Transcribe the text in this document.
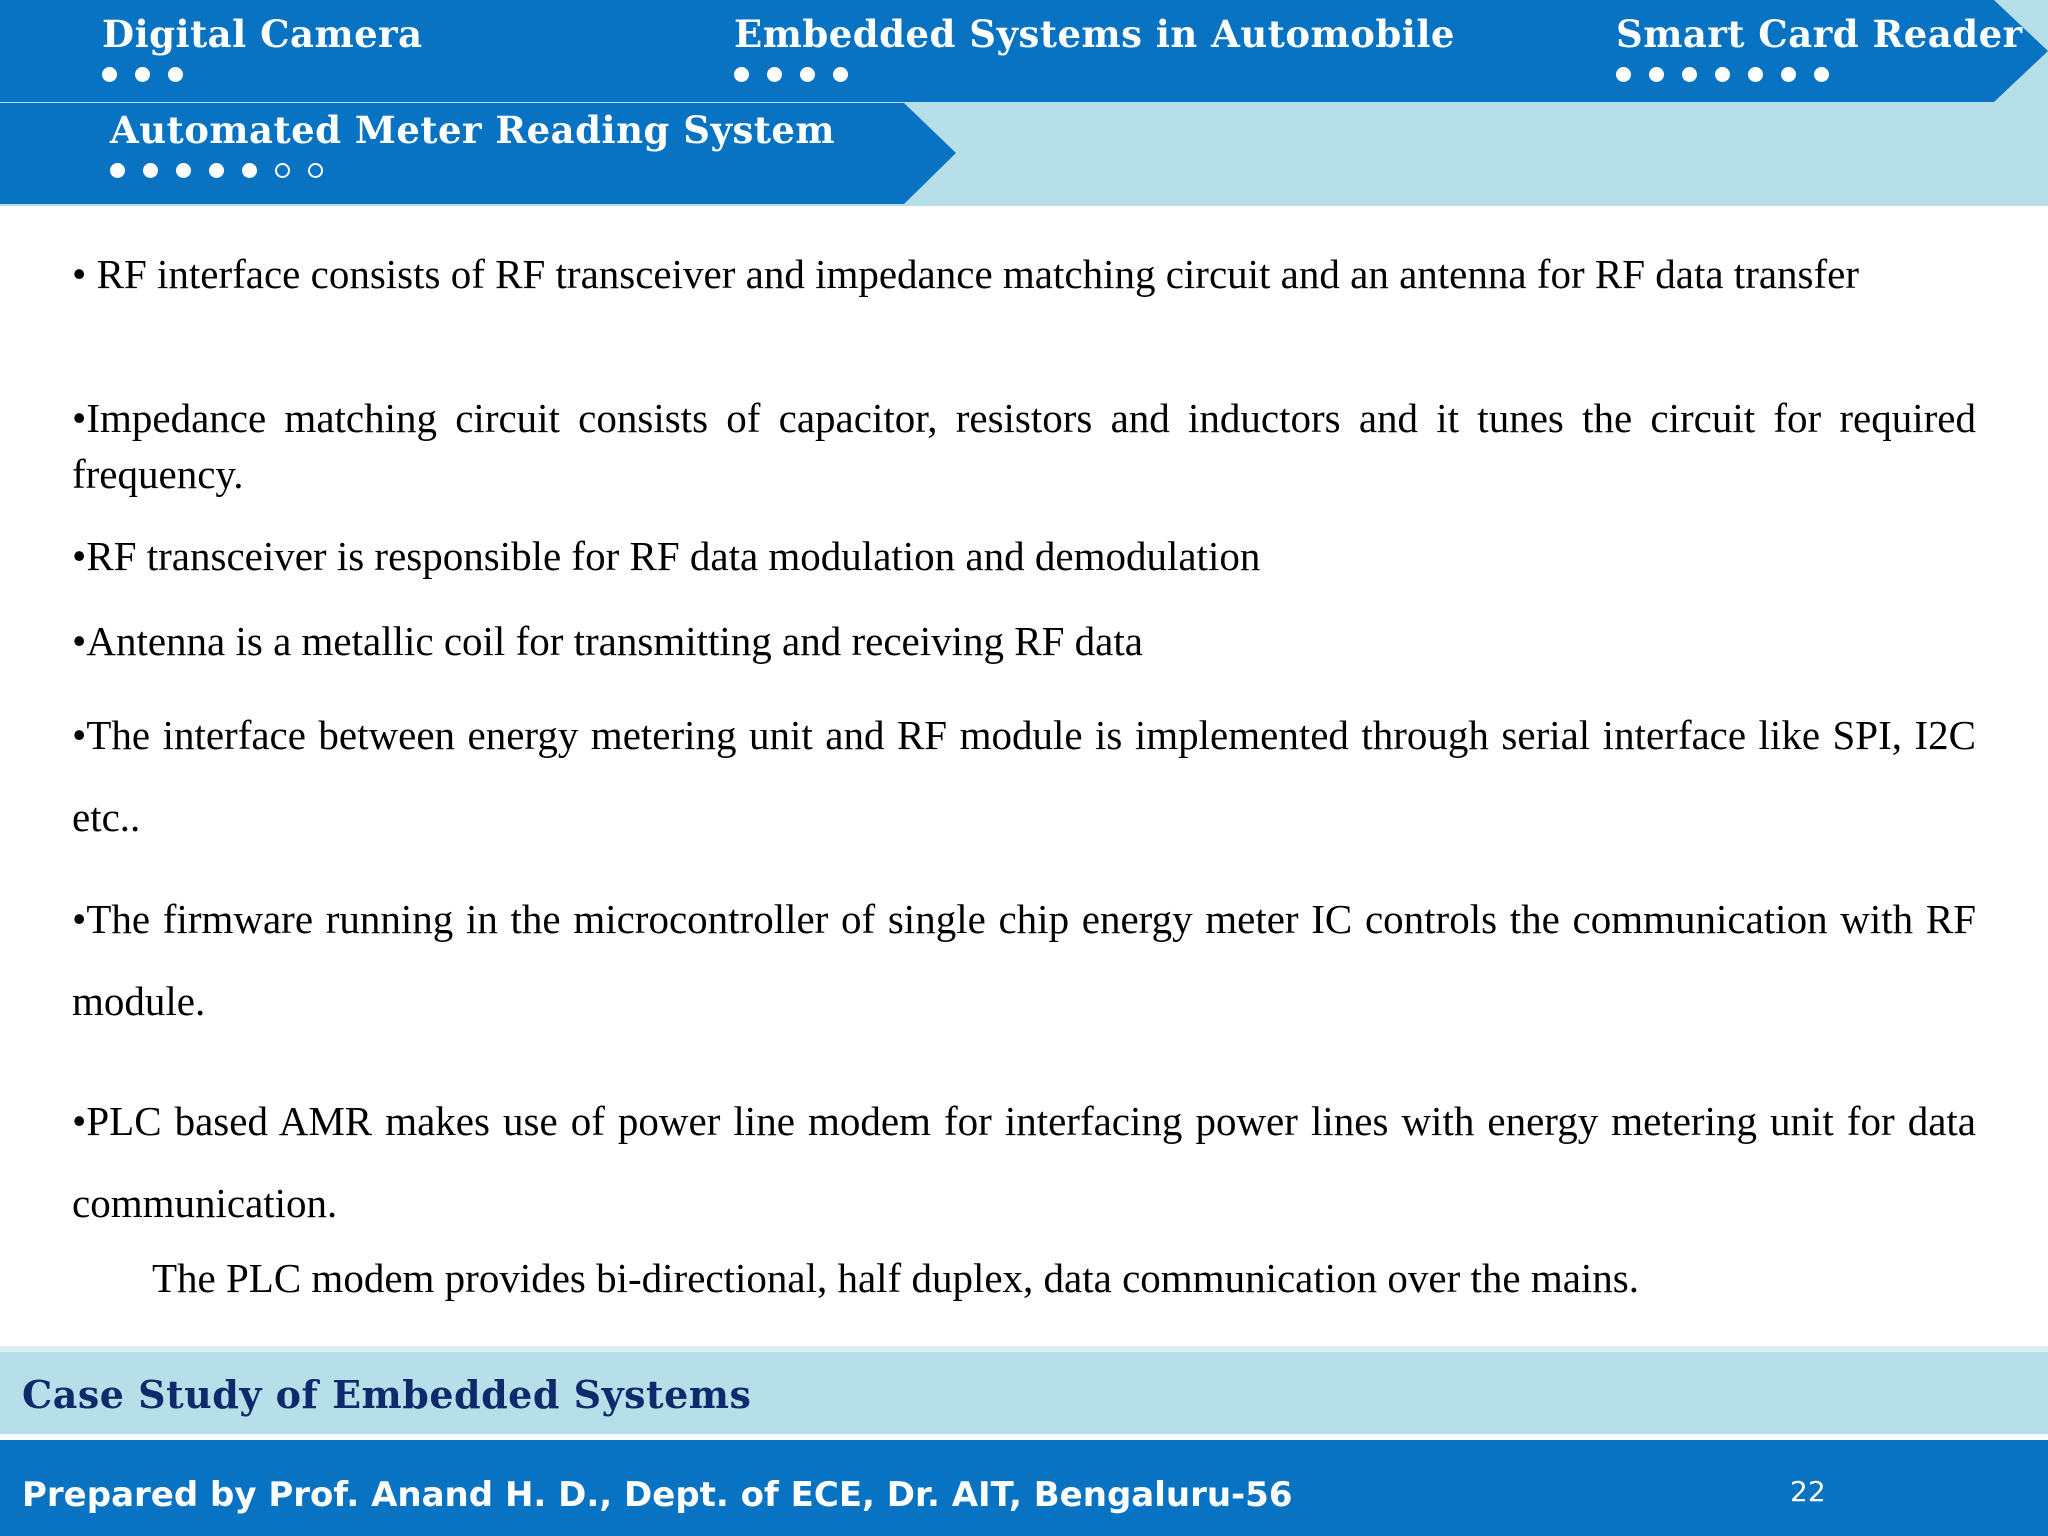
Digital Camera	Embedded Systems in Automobile	Smart Card Reader
Automated Meter Reading System

• RF interface consists of RF transceiver and impedance matching circuit and an antenna for RF data transfer

•Impedance matching circuit consists of capacitor, resistors and inductors and it tunes the circuit for required frequency.

•RF transceiver is responsible for RF data modulation and demodulation

•Antenna is a metallic coil for transmitting and receiving RF data

•The interface between energy metering unit and RF module is implemented through serial interface like SPI, I2C etc..

•The firmware running in the microcontroller of single chip energy meter IC controls the communication with RF module.

•PLC based AMR makes use of power line modem for interfacing power lines with energy metering unit for data communication.

The PLC modem provides bi-directional, half duplex, data communication over the mains.

Case Study of Embedded Systems
Prepared by Prof. Anand H. D., Dept. of ECE, Dr. AIT, Bengaluru-56	22
